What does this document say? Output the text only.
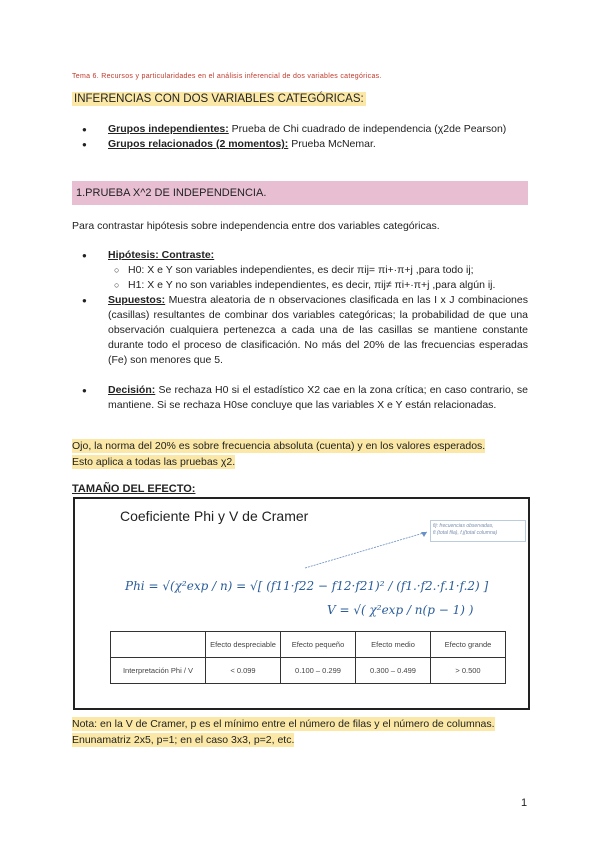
Tema 6. Recursos y particularidades en el análisis inferencial de dos variables categóricas.
INFERENCIAS CON DOS VARIABLES CATEGÓRICAS:
● Grupos independientes: Prueba de Chi cuadrado de independencia (χ2de Pearson)
● Grupos relacionados (2 momentos): Prueba McNemar.
1.PRUEBA X^2 DE INDEPENDENCIA.
Para contrastar hipótesis sobre independencia entre dos variables categóricas.
● Hipótesis: Contraste:
○ H0: X e Y son variables independientes, es decir πij= πi+·π+j ,para todo ij;
○ H1: X e Y no son variables independientes, es decir, πij≠ πi+·π+j ,para algún ij.
● Supuestos: Muestra aleatoria de n observaciones clasificada en las I x J combinaciones (casillas) resultantes de combinar dos variables categóricas; la probabilidad de que una observación cualquiera pertenezca a cada una de las casillas se mantiene constante durante todo el proceso de clasificación. No más del 20% de las frecuencias esperadas (Fe) son menores que 5.
● Decisión: Se rechaza H0 si el estadístico X2 cae en la zona crítica; en caso contrario, se mantiene. Si se rechaza H0se concluye que las variables X e Y están relacionadas.
Ojo, la norma del 20% es sobre frecuencia absoluta (cuenta) y en los valores esperados.
Esto aplica a todas las pruebas χ2.
TAMAÑO DEL EFECTO:
Coeficiente Phi y V de Cramer
fij: frecuencias observadas,
fi.(total fila), f.j(total columna)
Phi = √(χ²exp / n) = √[ (f11·f22 − f12·f21)² / (f1.·f2.·f.1·f.2) ]
V = √( χ²exp / n(p − 1) )
	Efecto despreciable	Efecto pequeño	Efecto medio	Efecto grande
Interpretación Phi / V	< 0.099	0.100 – 0.299	0.300 – 0.499	> 0.500
Nota: en la V de Cramer, p es el mínimo entre el número de filas y el número de columnas.
Enunamatriz 2x5, p=1; en el caso 3x3, p=2, etc.
1
